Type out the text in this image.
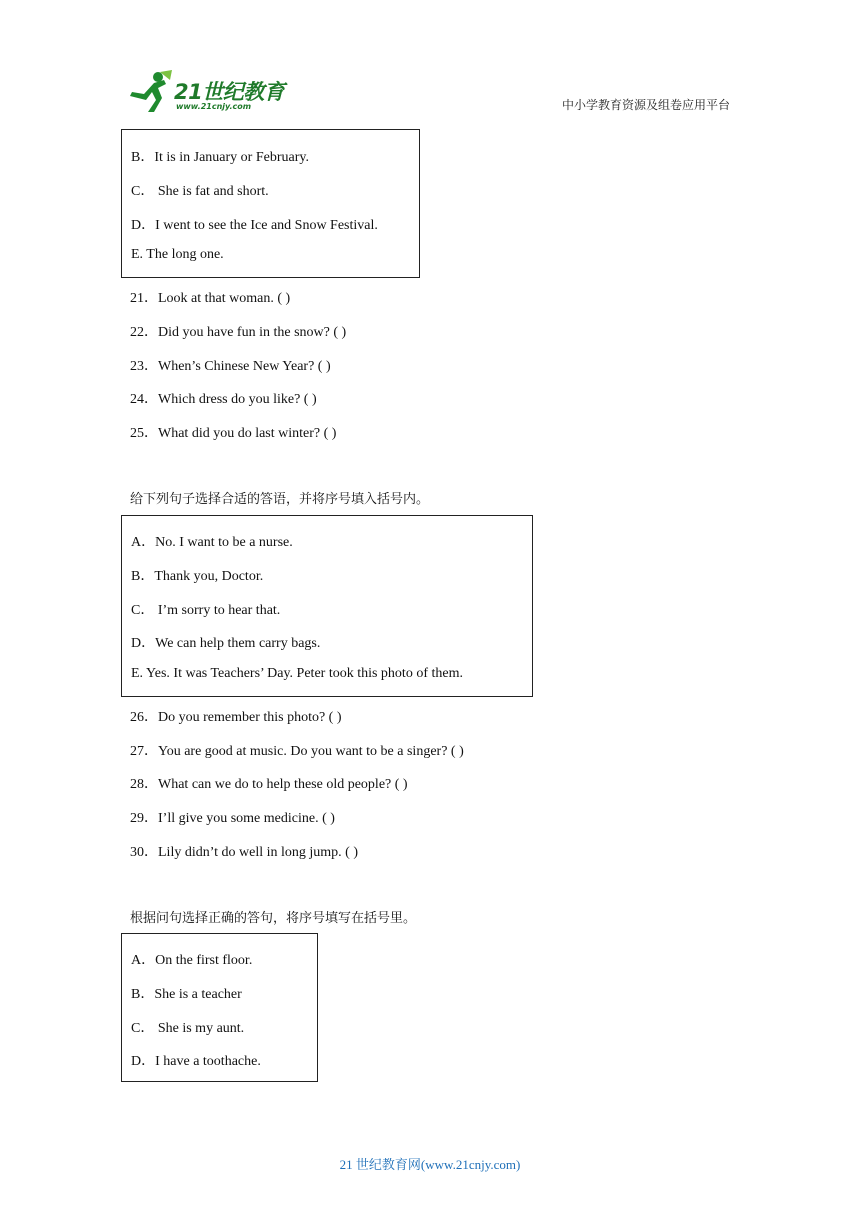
21世纪教育
www.21cnjy.com	中小学教育资源及组卷应用平台
B．It is in January or February.
C． She is fat and short.
D．I went to see the Ice and Snow Festival.
E. The long one.
21．Look at that woman. ( )
22．Did you have fun in the snow? ( )
23．When’s Chinese New Year? ( )
24．Which dress do you like? ( )
25．What did you do last winter? ( )
给下列句子选择合适的答语，并将序号填入括号内。
A．No. I want to be a nurse.
B．Thank you, Doctor.
C． I’m sorry to hear that.
D．We can help them carry bags.
E. Yes. It was Teachers’ Day. Peter took this photo of them.
26．Do you remember this photo? ( )
27．You are good at music. Do you want to be a singer? ( )
28．What can we do to help these old people? ( )
29．I’ll give you some medicine. ( )
30．Lily didn’t do well in long jump. ( )
根据问句选择正确的答句，将序号填写在括号里。
A．On the first floor.
B．She is a teacher
C． She is my aunt.
D．I have a toothache.
21 世纪教育网(www.21cnjy.com)
